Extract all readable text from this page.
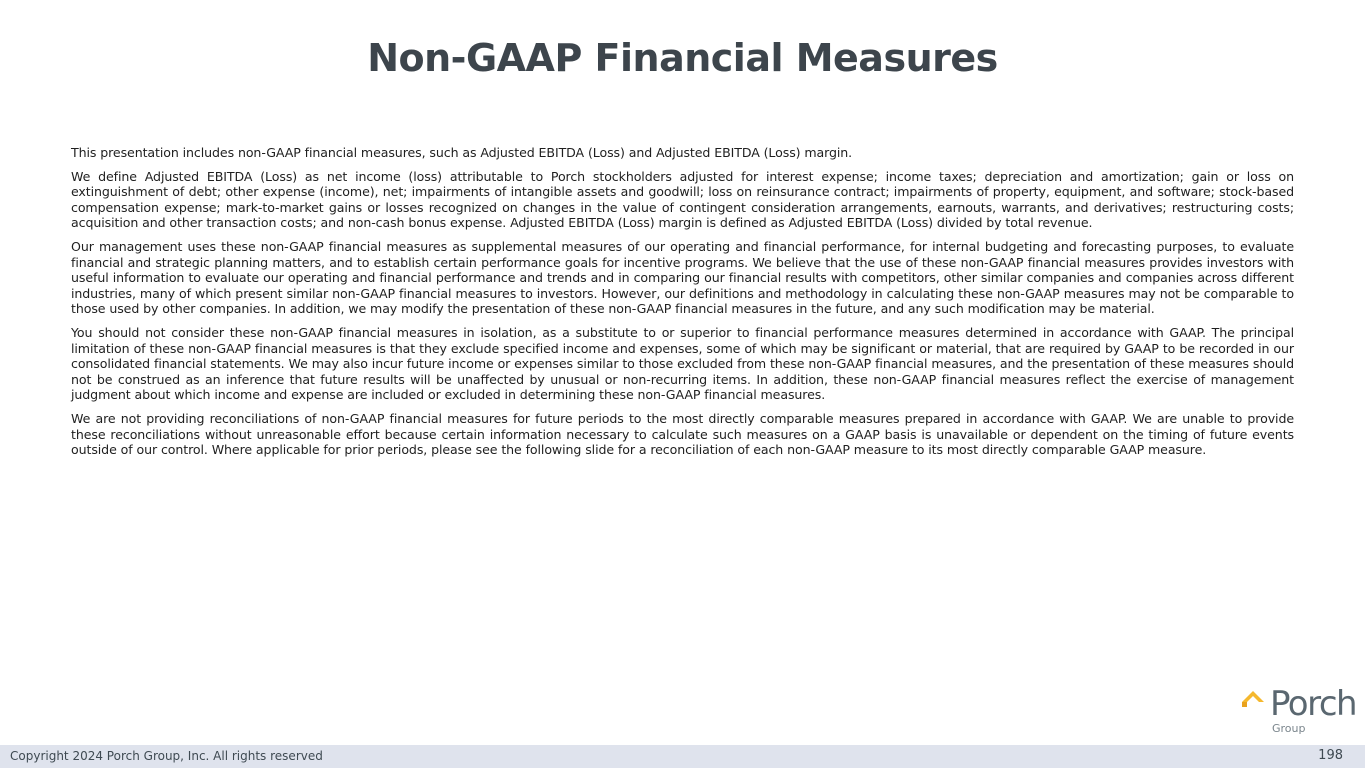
Non-GAAP Financial Measures

This presentation includes non-GAAP financial measures, such as Adjusted EBITDA (Loss) and Adjusted EBITDA (Loss) margin.

We define Adjusted EBITDA (Loss) as net income (loss) attributable to Porch stockholders adjusted for interest expense; income taxes; depreciation and amortization; gain or loss on extinguishment of debt; other expense (income), net; impairments of intangible assets and goodwill; loss on reinsurance contract; impairments of property, equipment, and software; stock-based compensation expense; mark-to-market gains or losses recognized on changes in the value of contingent consideration arrangements, earnouts, warrants, and derivatives; restructuring costs; acquisition and other transaction costs; and non-cash bonus expense. Adjusted EBITDA (Loss) margin is defined as Adjusted EBITDA (Loss) divided by total revenue.

Our management uses these non-GAAP financial measures as supplemental measures of our operating and financial performance, for internal budgeting and forecasting purposes, to evaluate financial and strategic planning matters, and to establish certain performance goals for incentive programs. We believe that the use of these non-GAAP financial measures provides investors with useful information to evaluate our operating and financial performance and trends and in comparing our financial results with competitors, other similar companies and companies across different industries, many of which present similar non-GAAP financial measures to investors. However, our definitions and methodology in calculating these non-GAAP measures may not be comparable to those used by other companies. In addition, we may modify the presentation of these non-GAAP financial measures in the future, and any such modification may be material.

You should not consider these non-GAAP financial measures in isolation, as a substitute to or superior to financial performance measures determined in accordance with GAAP. The principal limitation of these non-GAAP financial measures is that they exclude specified income and expenses, some of which may be significant or material, that are required by GAAP to be recorded in our consolidated financial statements. We may also incur future income or expenses similar to those excluded from these non-GAAP financial measures, and the presentation of these measures should not be construed as an inference that future results will be unaffected by unusual or non-recurring items. In addition, these non-GAAP financial measures reflect the exercise of management judgment about which income and expense are included or excluded in determining these non-GAAP financial measures.

We are not providing reconciliations of non-GAAP financial measures for future periods to the most directly comparable measures prepared in accordance with GAAP. We are unable to provide these reconciliations without unreasonable effort because certain information necessary to calculate such measures on a GAAP basis is unavailable or dependent on the timing of future events outside of our control. Where applicable for prior periods, please see the following slide for a reconciliation of each non-GAAP measure to its most directly comparable GAAP measure.

Porch
Group
Copyright 2024 Porch Group, Inc. All rights reserved	198
